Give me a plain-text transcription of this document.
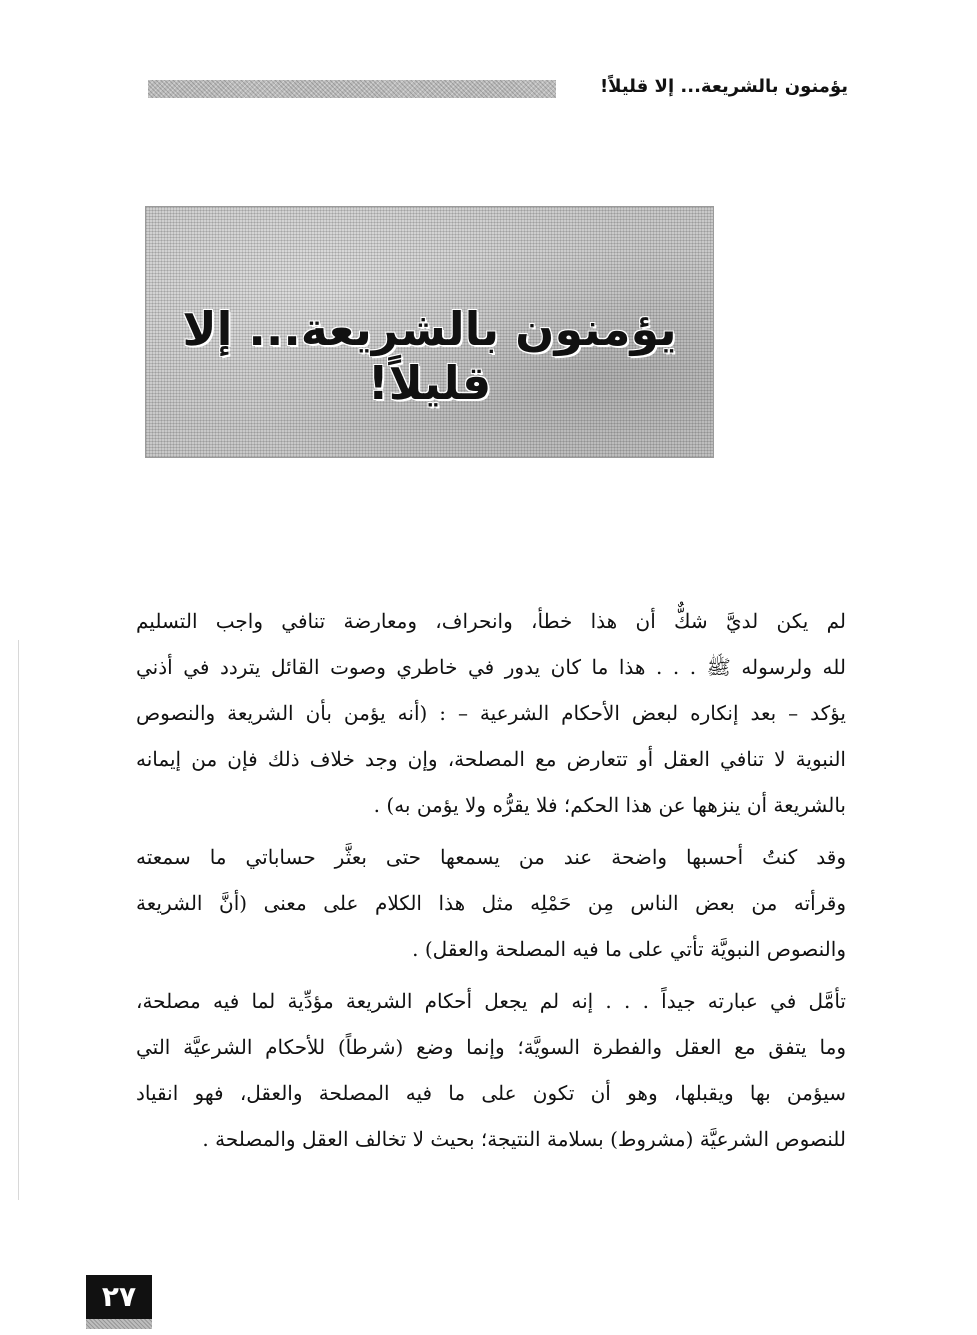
يؤمنون بالشريعة... إلا قليلاً!
يؤمنون بالشريعة... إلا قليلاً!

لم يكن لديَّ شكٌّ أن هذا خطأ، وانحراف، ومعارضة تنافي واجب التسليم
لله ولرسوله ﷺ . . . هذا ما كان يدور في خاطري وصوت القائل يتردد في أذني
يؤكد – بعد إنكاره لبعض الأحكام الشرعية – : (أنه يؤمن بأن الشريعة والنصوص
النبوية لا تنافي العقل أو تتعارض مع المصلحة، وإن وجد خلاف ذلك فإن من إيمانه
بالشريعة أن ينزهها عن هذا الحكم؛ فلا يقرُّه ولا يؤمن به) .

وقد كنتُ أحسبها واضحة عند من يسمعها حتى بعثَّر حساباتي ما سمعته
وقرأته من بعض الناس مِن حَمْلِه مثل هذا الكلام على معنى (أنَّ الشريعة
والنصوص النبويَّة تأتي على ما فيه المصلحة والعقل) .

تأمَّل في عبارته جيداً . . . إنه لم يجعل أحكام الشريعة مؤدِّية لما فيه مصلحة،
وما يتفق مع العقل والفطرة السويَّة؛ وإنما وضع (شرطاً) للأحكام الشرعيَّة التي
سيؤمن بها ويقبلها، وهو أن تكون على ما فيه المصلحة والعقل، فهو انقياد
للنصوص الشرعيَّة (مشروط) بسلامة النتيجة؛ بحيث لا تخالف العقل والمصلحة .

٢٧
